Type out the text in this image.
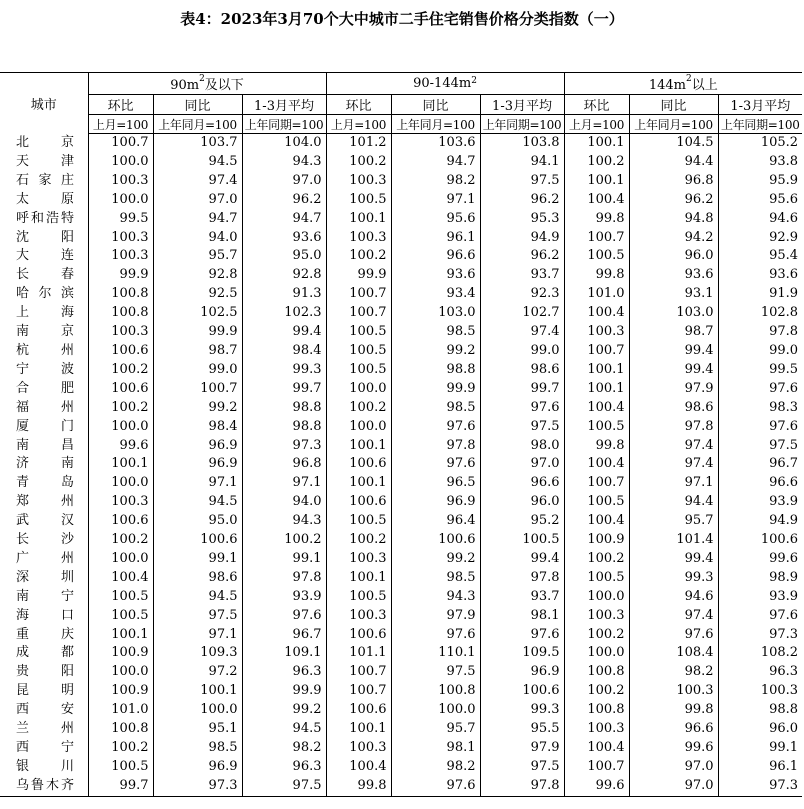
表4：2023年3月70个大中城市二手住宅销售价格分类指数（一）
城市	$90m^2$及以下			$90-144m^2$			$144m^2$以上		
	环比	同比	1-3月平均	环比	同比	1-3月平均	环比	同比	1-3月平均
	上月=100	上年同月=100	上年同期=100	上月=100	上年同月=100	上年同期=100	上月=100	上年同月=100	上年同期=100

北京	100.7	103.7	104.0	101.2	103.6	103.8	100.1	104.5	105.2

天津	100.0	94.5	94.3	100.2	94.7	94.1	100.2	94.4	93.8

石家庄	100.3	97.4	97.0	100.3	98.2	97.5	100.1	96.8	95.9

太原	100.0	97.0	96.2	100.5	97.1	96.2	100.4	96.2	95.6

呼和浩特	99.5	94.7	94.7	100.1	95.6	95.3	99.8	94.8	94.6

沈阳	100.3	94.0	93.6	100.3	96.1	94.9	100.7	94.2	92.9

大连	100.3	95.7	95.0	100.2	96.6	96.2	100.5	96.0	95.4

长春	99.9	92.8	92.8	99.9	93.6	93.7	99.8	93.6	93.6

哈尔滨	100.8	92.5	91.3	100.7	93.4	92.3	101.0	93.1	91.9

上海	100.8	102.5	102.3	100.7	103.0	102.7	100.4	103.0	102.8

南京	100.3	99.9	99.4	100.5	98.5	97.4	100.3	98.7	97.8

杭州	100.6	98.7	98.4	100.5	99.2	99.0	100.7	99.4	99.0

宁波	100.2	99.0	99.3	100.5	98.8	98.6	100.1	99.4	99.5

合肥	100.6	100.7	99.7	100.0	99.9	99.7	100.1	97.9	97.6

福州	100.2	99.2	98.8	100.2	98.5	97.6	100.4	98.6	98.3

厦门	100.0	98.4	98.8	100.0	97.6	97.5	100.5	97.8	97.6

南昌	99.6	96.9	97.3	100.1	97.8	98.0	99.8	97.4	97.5

济南	100.1	96.9	96.8	100.6	97.6	97.0	100.4	97.4	96.7

青岛	100.0	97.1	97.1	100.1	96.5	96.6	100.7	97.1	96.6

郑州	100.3	94.5	94.0	100.6	96.9	96.0	100.5	94.4	93.9

武汉	100.6	95.0	94.3	100.5	96.4	95.2	100.4	95.7	94.9

长沙	100.2	100.6	100.2	100.2	100.6	100.5	100.9	101.4	100.6

广州	100.0	99.1	99.1	100.3	99.2	99.4	100.2	99.4	99.6

深圳	100.4	98.6	97.8	100.1	98.5	97.8	100.5	99.3	98.9

南宁	100.5	94.5	93.9	100.5	94.3	93.7	100.0	94.6	93.9

海口	100.5	97.5	97.6	100.3	97.9	98.1	100.3	97.4	97.6

重庆	100.1	97.1	96.7	100.6	97.6	97.6	100.2	97.6	97.3

成都	100.9	109.3	109.1	101.1	110.1	109.5	100.0	108.4	108.2

贵阳	100.0	97.2	96.3	100.7	97.5	96.9	100.8	98.2	96.3

昆明	100.9	100.1	99.9	100.7	100.8	100.6	100.2	100.3	100.3

西安	101.0	100.0	99.2	100.6	100.0	99.3	100.8	99.8	98.8

兰州	100.8	95.1	94.5	100.1	95.7	95.5	100.3	96.6	96.0

西宁	100.2	98.5	98.2	100.3	98.1	97.9	100.4	99.6	99.1

银川	100.5	96.9	96.3	100.4	98.2	97.5	100.7	97.0	96.1

乌鲁木齐	99.7	97.3	97.5	99.8	97.6	97.8	99.6	97.0	97.3
